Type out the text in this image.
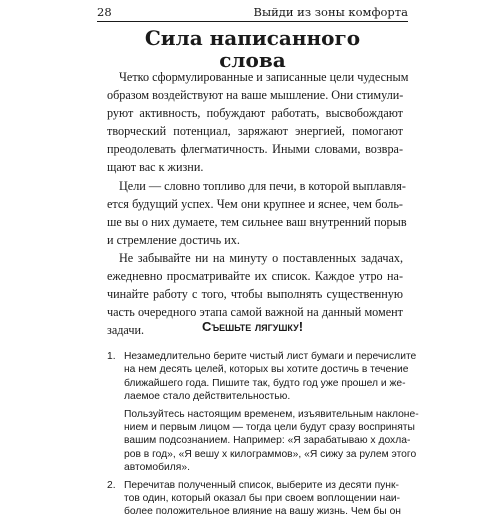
28	Выйди из зоны комфорта
Сила написанного
слова
Четко сформулированные и записанные цели чудесным
образом воздействуют на ваше мышление. Они стимули-
руют активность, побуждают работать, высвобождают
творческий потенциал, заряжают энергией, помогают
преодолевать флегматичность. Иными словами, возвра-
щают вас к жизни.
Цели — словно топливо для печи, в которой выплавля-
ется будущий успех. Чем они крупнее и яснее, чем боль-
ше вы о них думаете, тем сильнее ваш внутренний порыв
и стремление достичь их.
Не забывайте ни на минуту о поставленных задачах,
ежедневно просматривайте их список. Каждое утро на-
чинайте работу с того, чтобы выполнять существенную
часть очередного этапа самой важной на данный момент
задачи.	Съешьте лягушку!
1. Незамедлительно берите чистый лист бумаги и перечислите
на нем десять целей, которых вы хотите достичь в течение
ближайшего года. Пишите так, будто год уже прошел и же-
лаемое стало действительностью.
Пользуйтесь настоящим временем, изъявительным наклоне-
нием и первым лицом — тогда цели будут сразу восприняты
вашим подсознанием. Например: «Я зарабатываю x дохла-
ров в год», «Я вешу x килограммов», «Я сижу за рулем этого
автомобиля».
2. Перечитав полученный список, выберите из десяти пунк-
тов один, который оказал бы при своем воплощении наи-
более положительное влияние на вашу жизнь. Чем бы он
